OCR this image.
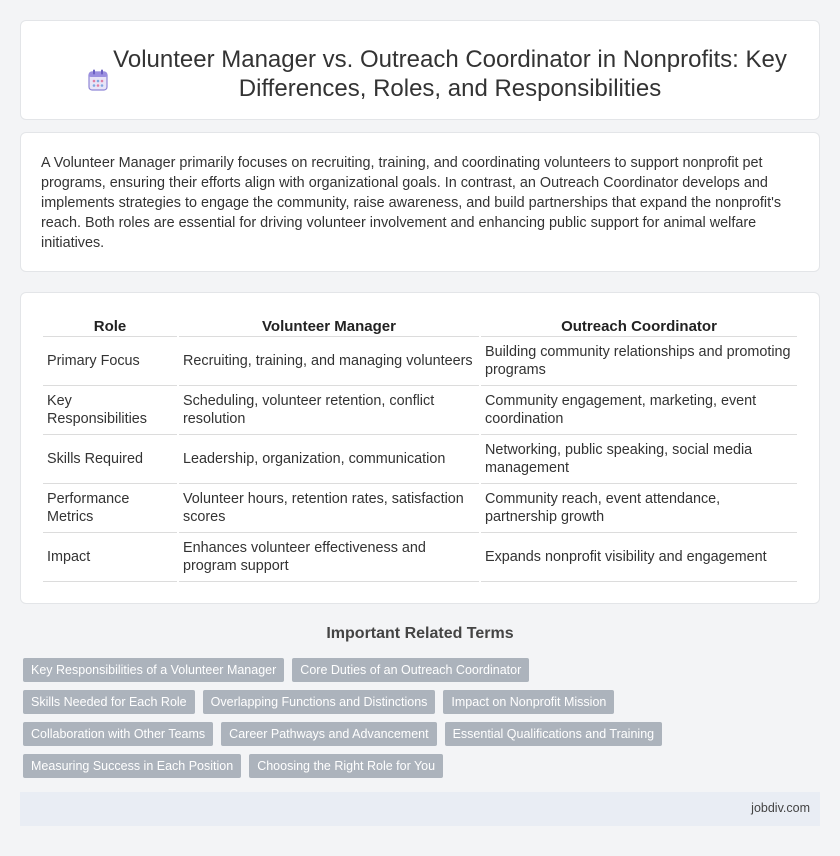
Volunteer Manager vs. Outreach Coordinator in Nonprofits: Key Differences, Roles, and Responsibilities

A Volunteer Manager primarily focuses on recruiting, training, and coordinating volunteers to support nonprofit pet programs, ensuring their efforts align with organizational goals. In contrast, an Outreach Coordinator develops and implements strategies to engage the community, raise awareness, and build partnerships that expand the nonprofit's reach. Both roles are essential for driving volunteer involvement and enhancing public support for animal welfare initiatives.

Role	Volunteer Manager	Outreach Coordinator
Primary Focus	Recruiting, training, and managing volunteers	Building community relationships and promoting programs
Key Responsibilities	Scheduling, volunteer retention, conflict resolution	Community engagement, marketing, event coordination
Skills Required	Leadership, organization, communication	Networking, public speaking, social media management
Performance Metrics	Volunteer hours, retention rates, satisfaction scores	Community reach, event attendance, partnership growth
Impact	Enhances volunteer effectiveness and program support	Expands nonprofit visibility and engagement
Important Related Terms
Key Responsibilities of a Volunteer Manager	Core Duties of an Outreach Coordinator
Skills Needed for Each Role	Overlapping Functions and Distinctions	Impact on Nonprofit Mission
Collaboration with Other Teams	Career Pathways and Advancement	Essential Qualifications and Training
Measuring Success in Each Position	Choosing the Right Role for You
jobdiv.com
